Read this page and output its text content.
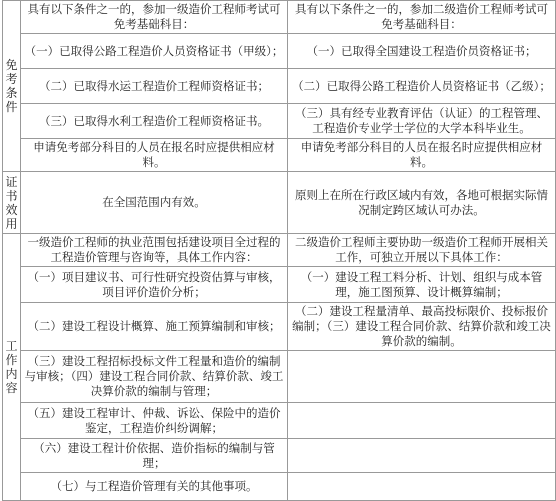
免考条件	具有以下条件之一的，参加一级造价工程师考试可免考基础科目：	具有以下条件之一的，参加二级造价工程师考试可免考基础科目：
	（一）已取得公路工程造价人员资格证书（甲级）；	（一）已取得全国建设工程造价员资格证书；
	（二）已取得水运工程造价工程师资格证书；	（二）已取得公路工程造价人员资格证书（乙级）；
	（三）已取得水利工程造价工程师资格证书。	（三）具有经专业教育评估（认证）的工程管理、工程造价专业学士学位的大学本科毕业生。
	申请免考部分科目的人员在报名时应提供相应材料。	申请免考部分科目的人员在报名时应提供相应材料。
证书效用	在全国范围内有效。	原则上在所在行政区域内有效，各地可根据实际情况制定跨区域认可办法。
工作内容	一级造价工程师的执业范围包括建设项目全过程的工程造价管理与咨询等，具体工作内容：	二级造价工程师主要协助一级造价工程师开展相关工作，可独立开展以下具体工作：
	（一）项目建议书、可行性研究投资估算与审核，项目评价造价分析；	（一）建设工程工料分析、计划、组织与成本管理，施工图预算、设计概算编制；
	（二）建设工程设计概算、施工预算编制和审核；	（二）建设工程量清单、最高投标限价、投标报价编制；（三）建设工程合同价款、结算价款和竣工决算价款的编制。
	（三）建设工程招标投标文件工程量和造价的编制与审核；（四）建设工程合同价款、结算价款、竣工决算价款的编制与管理；	
	（五）建设工程审计、仲裁、诉讼、保险中的造价鉴定，工程造价纠纷调解；	
	（六）建设工程计价依据、造价指标的编制与管理；	
	（七）与工程造价管理有关的其他事项。	
